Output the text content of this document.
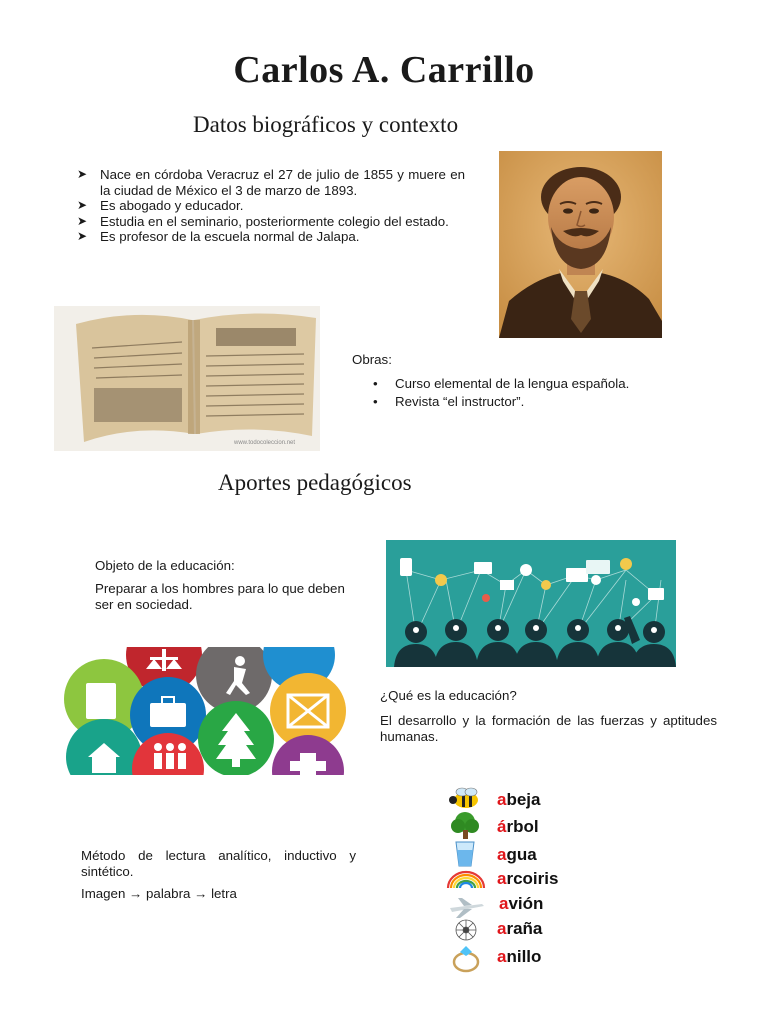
Carlos A. Carrillo
Datos biográficos y contexto
➤ Nace en córdoba Veracruz el 27 de julio de 1855 y muere en la ciudad de México el 3 de marzo de 1893.
➤ Es abogado y educador.
➤ Estudia en el seminario, posteriormente colegio del estado.
➤ Es profesor de la escuela normal de Jalapa.
www.todocoleccion.net
Obras:
• Curso elemental de la lengua española.
• Revista “el instructor”.
Aportes pedagógicos
Objeto de la educación:
Preparar a los hombres para lo que deben ser en sociedad.
¿Qué es la educación?
El desarrollo y la formación de las fuerzas y aptitudes humanas.
Método de lectura analítico, inductivo y sintético.
Imagen → palabra → letra
abeja
árbol
agua
arcoiris
avión
araña
anillo
